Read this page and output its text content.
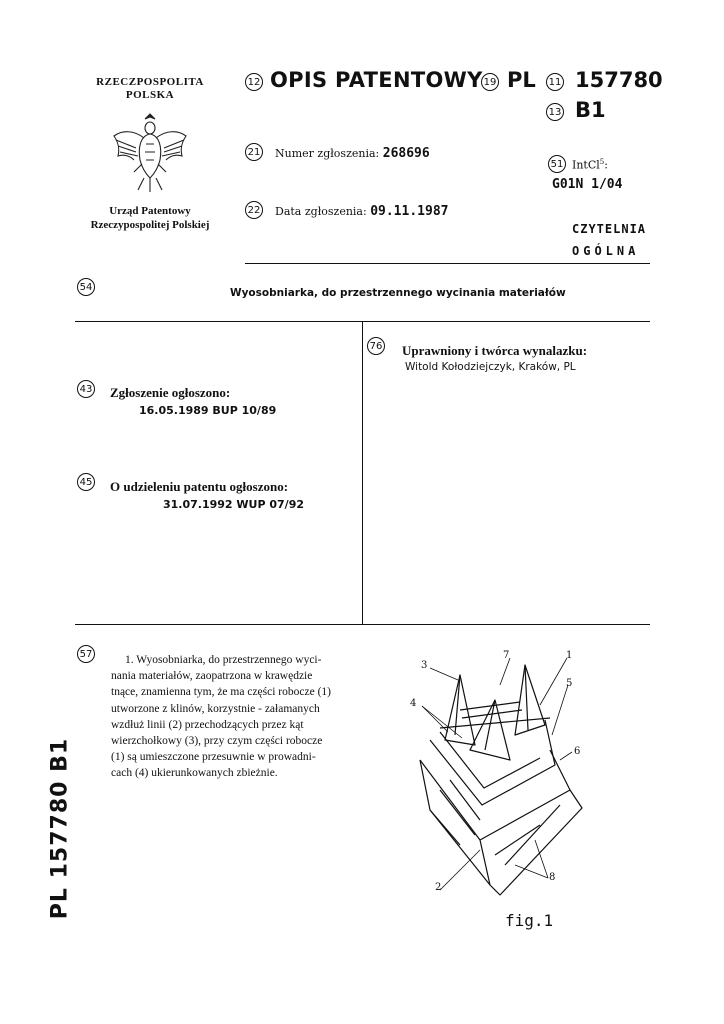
RZECZPOSPOLITA
POLSKA
Urząd Patentowy
Rzeczypospolitej Polskiej
12 OPIS PATENTOWY 19 PL 11 157780
13 B1
21 Numer zgłoszenia: 268696
51 IntCl$^5$:
G01N 1/04
22 Data zgłoszenia: 09.11.1987
CZYTELNIA
OGÓLNA
54	Wyosobniarka, do przestrzennego wycinania materiałów
43 Zgłoszenie ogłoszono:
16.05.1989 BUP 10/89
45 O udzieleniu patentu ogłoszono:
31.07.1992 WUP 07/92
76 Uprawniony i twórca wynalazku:
Witold Kołodziejczyk, Kraków, PL
57	1. Wyosobniarka, do przestrzennego wyci-

nania materiałów, zaopatrzona w krawędzie

tnące, znamienna tym, że ma części robocze (1)

utworzone z klinów, korzystnie - załamanych

wzdłuż linii (2) przechodzących przez kąt

wierzchołkowy (3), przy czym części robocze

(1) są umieszczone przesuwnie w prowadni-

cach (4) ukierunkowanych zbieżnie.

PL 157780 B1
3
7	1
5
4
6
2
8
fig.1
